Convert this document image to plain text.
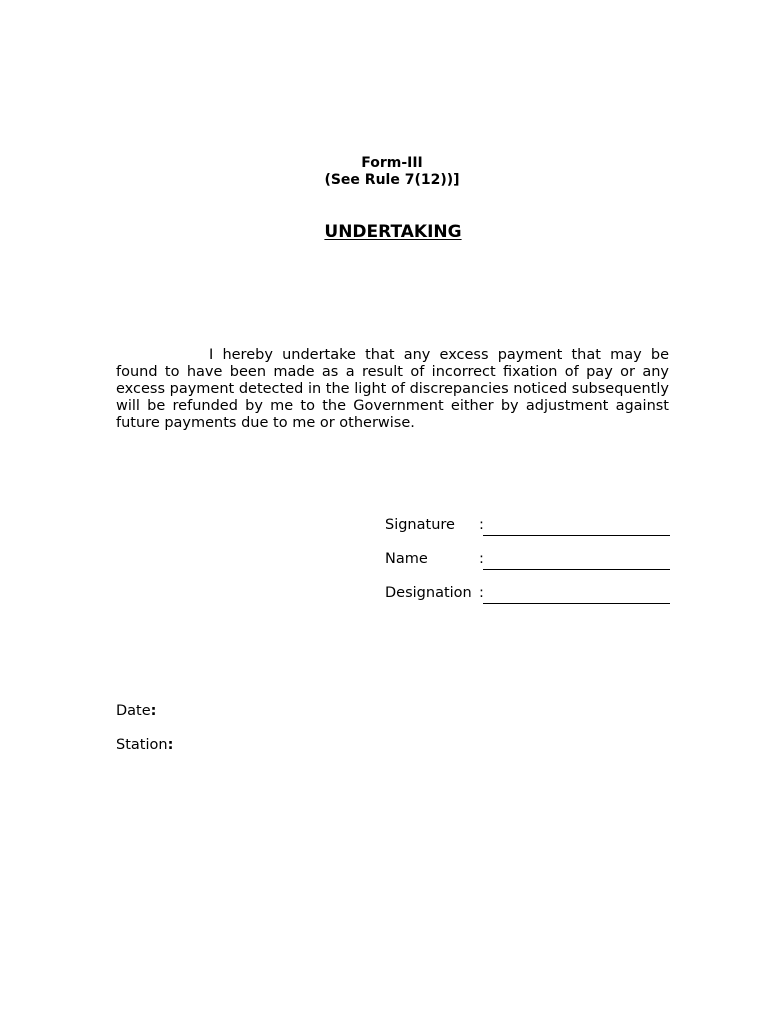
Form-III
(See Rule 7(12))]
UNDERTAKING
I hereby undertake that any excess payment that may be found to have been made as a result of incorrect fixation of pay or any excess payment detected in the light of discrepancies noticed subsequently will be refunded by me to the Government either by adjustment against future payments due to me or otherwise.
Signature :
Name	:
Designation :
Date:
Station:
